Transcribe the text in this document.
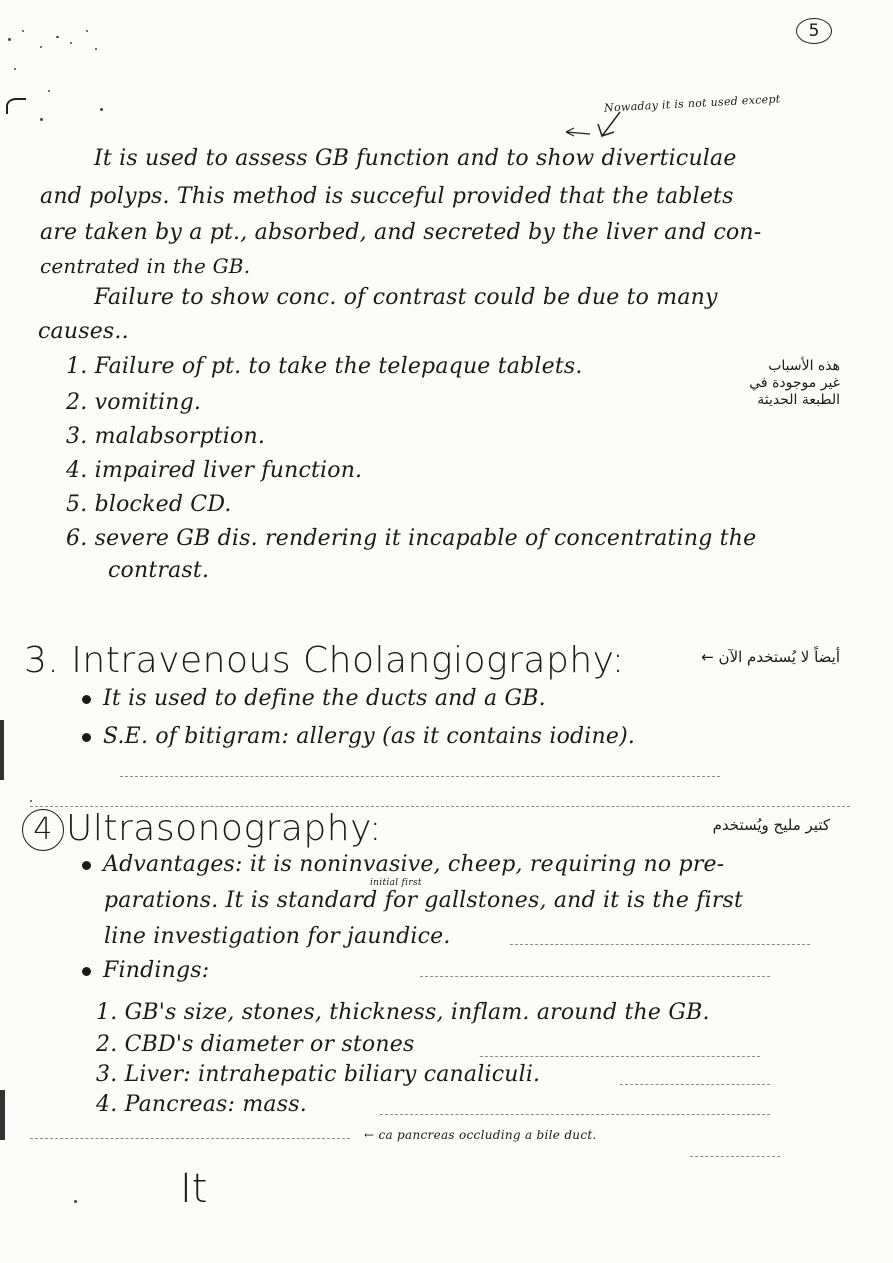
5
Nowaday it is not used except
It is used to assess GB function and to show diverticulae
and polyps. This method is succeful provided that the tablets
are taken by a pt., absorbed, and secreted by the liver and con-
centrated in the GB.
Failure to show conc. of contrast could be due to many
causes..
1. Failure of pt. to take the telepaque tablets.
2. vomiting.
3. malabsorption.
4. impaired liver function.
5. blocked CD.
6. severe GB dis. rendering it incapable of concentrating the
contrast.
هذه الأسباب
غير موجودة في
الطبعة الحديثة
3. Intravenous Cholangiography:	أيضاً لا يُستخدم الآن ←
It is used to define the ducts and a GB.
S.E. of bitigram: allergy (as it contains iodine).
4 Ultrasonography:	كتير مليح ويُستخدم
Advantages: it is noninvasive, cheep, requiring no pre-
parations. It is standard for gallstones, and it is the first
line investigation for jaundice.
initial first
Findings:
1. GB's size, stones, thickness, inflam. around the GB.
2. CBD's diameter or stones
3. Liver: intrahepatic biliary canaliculi.
4. Pancreas: mass.
← ca pancreas occluding a bile duct.
It
